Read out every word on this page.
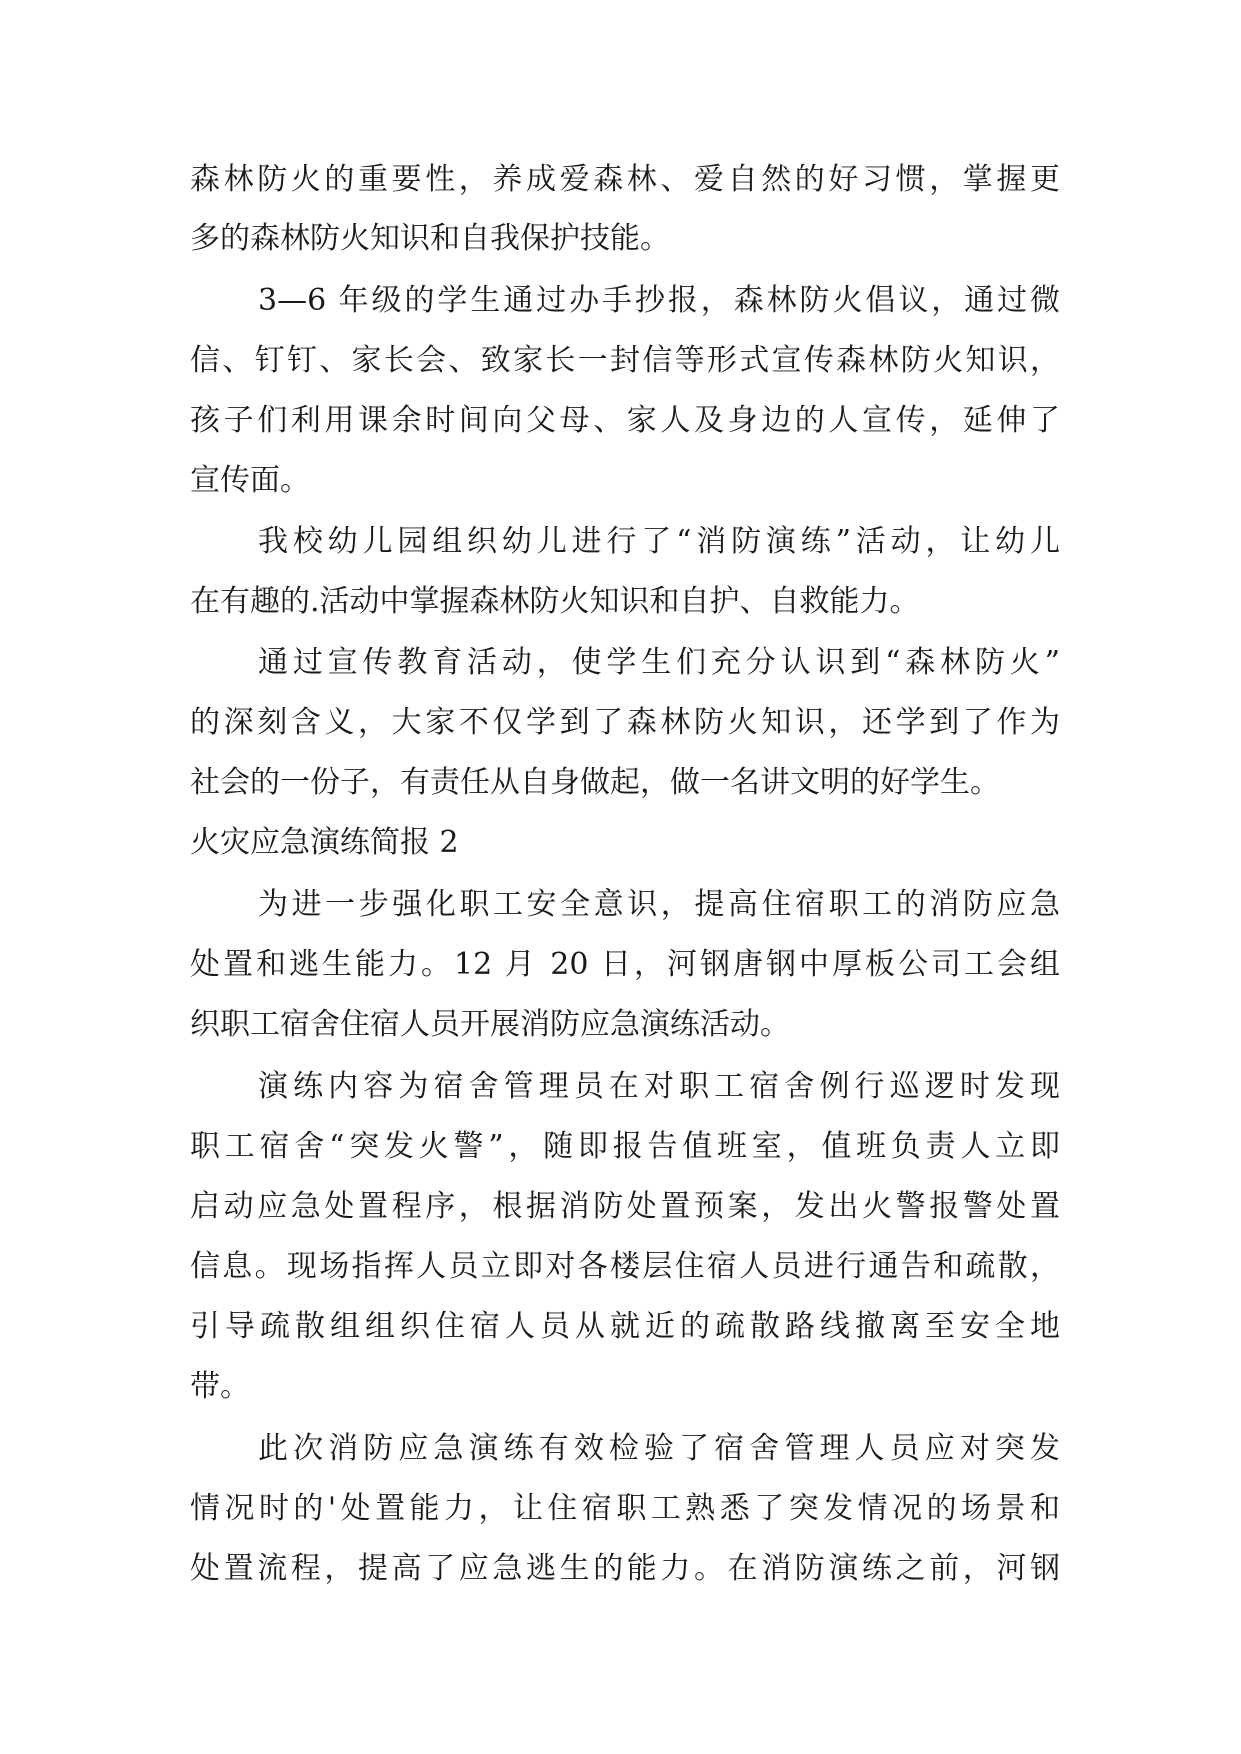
森林防火的重要性，养成爱森林、爱自然的好习惯，掌握更
多的森林防火知识和自我保护技能。
3—6 年级的学生通过办手抄报，森林防火倡议，通过微
信、钉钉、家长会、致家长一封信等形式宣传森林防火知识，
孩子们利用课余时间向父母、家人及身边的人宣传，延伸了
宣传面。
我校幼儿园组织幼儿进行了“消防演练”活动，让幼儿
在有趣的.活动中掌握森林防火知识和自护、自救能力。
通过宣传教育活动，使学生们充分认识到“森林防火”
的深刻含义，大家不仅学到了森林防火知识，还学到了作为
社会的一份子，有责任从自身做起，做一名讲文明的好学生。
火灾应急演练简报 2
为进一步强化职工安全意识，提高住宿职工的消防应急
处置和逃生能力。12 月 20 日，河钢唐钢中厚板公司工会组
织职工宿舍住宿人员开展消防应急演练活动。
演练内容为宿舍管理员在对职工宿舍例行巡逻时发现
职工宿舍“突发火警”，随即报告值班室，值班负责人立即
启动应急处置程序，根据消防处置预案，发出火警报警处置
信息。现场指挥人员立即对各楼层住宿人员进行通告和疏散，
引导疏散组组织住宿人员从就近的疏散路线撤离至安全地
带。
此次消防应急演练有效检验了宿舍管理人员应对突发
情况时的'处置能力，让住宿职工熟悉了突发情况的场景和
处置流程，提高了应急逃生的能力。在消防演练之前，河钢
